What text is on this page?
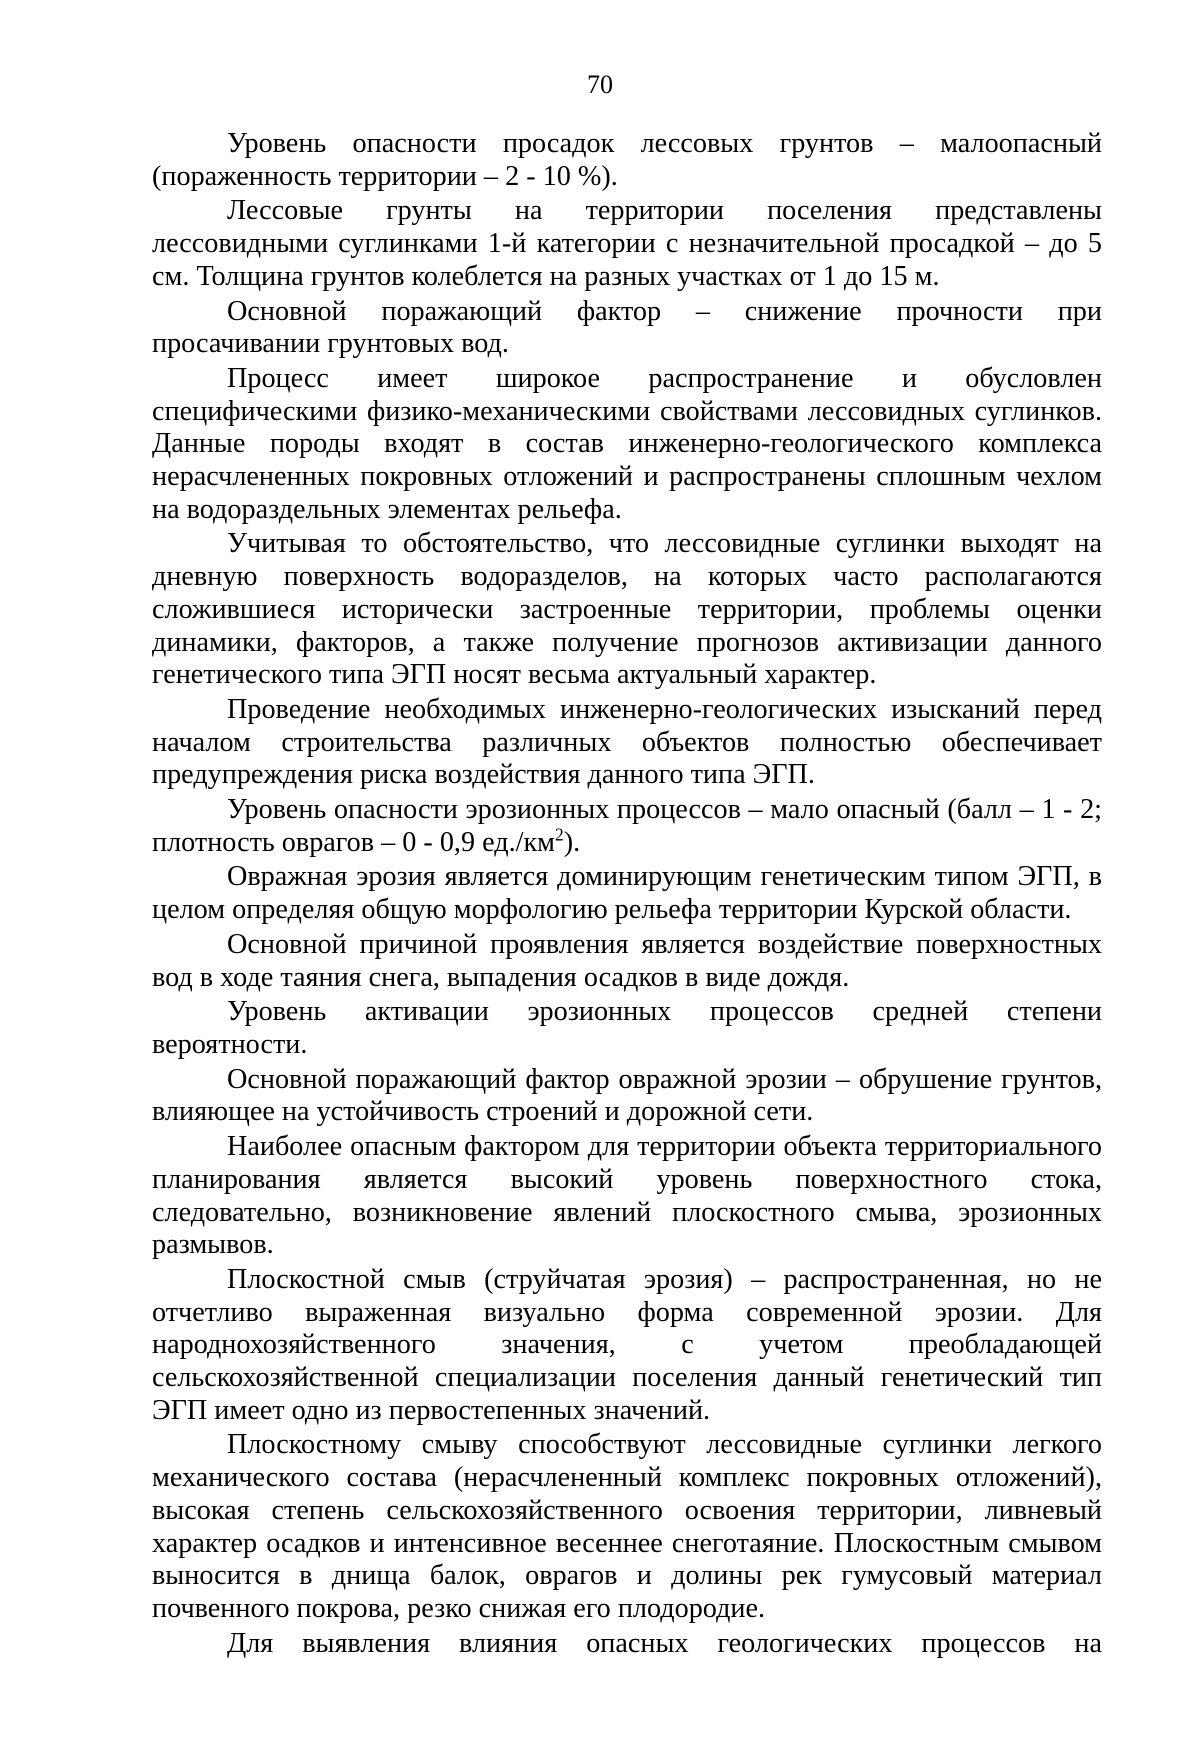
70

Уровень опасности просадок лессовых грунтов – малоопасный (пораженность территории – 2 - 10 %).

Лессовые грунты на территории поселения представлены лессовидными суглинками 1-й категории с незначительной просадкой – до 5 см. Толщина грунтов колеблется на разных участках от 1 до 15 м.

Основной поражающий фактор – снижение прочности при просачивании грунтовых вод.

Процесс имеет широкое распространение и обусловлен специфическими физико-механическими свойствами лессовидных суглинков. Данные породы входят в состав инженерно-геологического комплекса нерасчлененных покровных отложений и распространены сплошным чехлом на водораздельных элементах рельефа.

Учитывая то обстоятельство, что лессовидные суглинки выходят на дневную поверхность водоразделов, на которых часто располагаются сложившиеся исторически застроенные территории, проблемы оценки динамики, факторов, а также получение прогнозов активизации данного генетического типа ЭГП носят весьма актуальный характер.

Проведение необходимых инженерно-геологических изысканий перед началом строительства различных объектов полностью обеспечивает предупреждения риска воздействия данного типа ЭГП.

Уровень опасности эрозионных процессов – мало опасный (балл – 1 - 2; плотность оврагов – 0 - 0,9 $ед./км^2$).

Овражная эрозия является доминирующим генетическим типом ЭГП, в целом определяя общую морфологию рельефа территории Курской области.

Основной причиной проявления является воздействие поверхностных вод в ходе таяния снега, выпадения осадков в виде дождя.

Уровень активации эрозионных процессов средней степени вероятности.

Основной поражающий фактор овражной эрозии – обрушение грунтов, влияющее на устойчивость строений и дорожной сети.

Наиболее опасным фактором для территории объекта территориального планирования является высокий уровень поверхностного стока, следовательно, возникновение явлений плоскостного смыва, эрозионных размывов.

Плоскостной смыв (струйчатая эрозия) – распространенная, но не отчетливо выраженная визуально форма современной эрозии. Для народнохозяйственного значения, с учетом преобладающей сельскохозяйственной специализации поселения данный генетический тип ЭГП имеет одно из первостепенных значений.

Плоскостному смыву способствуют лессовидные суглинки легкого механического состава (нерасчлененный комплекс покровных отложений), высокая степень сельскохозяйственного освоения территории, ливневый характер осадков и интенсивное весеннее снеготаяние. Плоскостным смывом выносится в днища балок, оврагов и долины рек гумусовый материал почвенного покрова, резко снижая его плодородие.

Для выявления влияния опасных геологических процессов на
